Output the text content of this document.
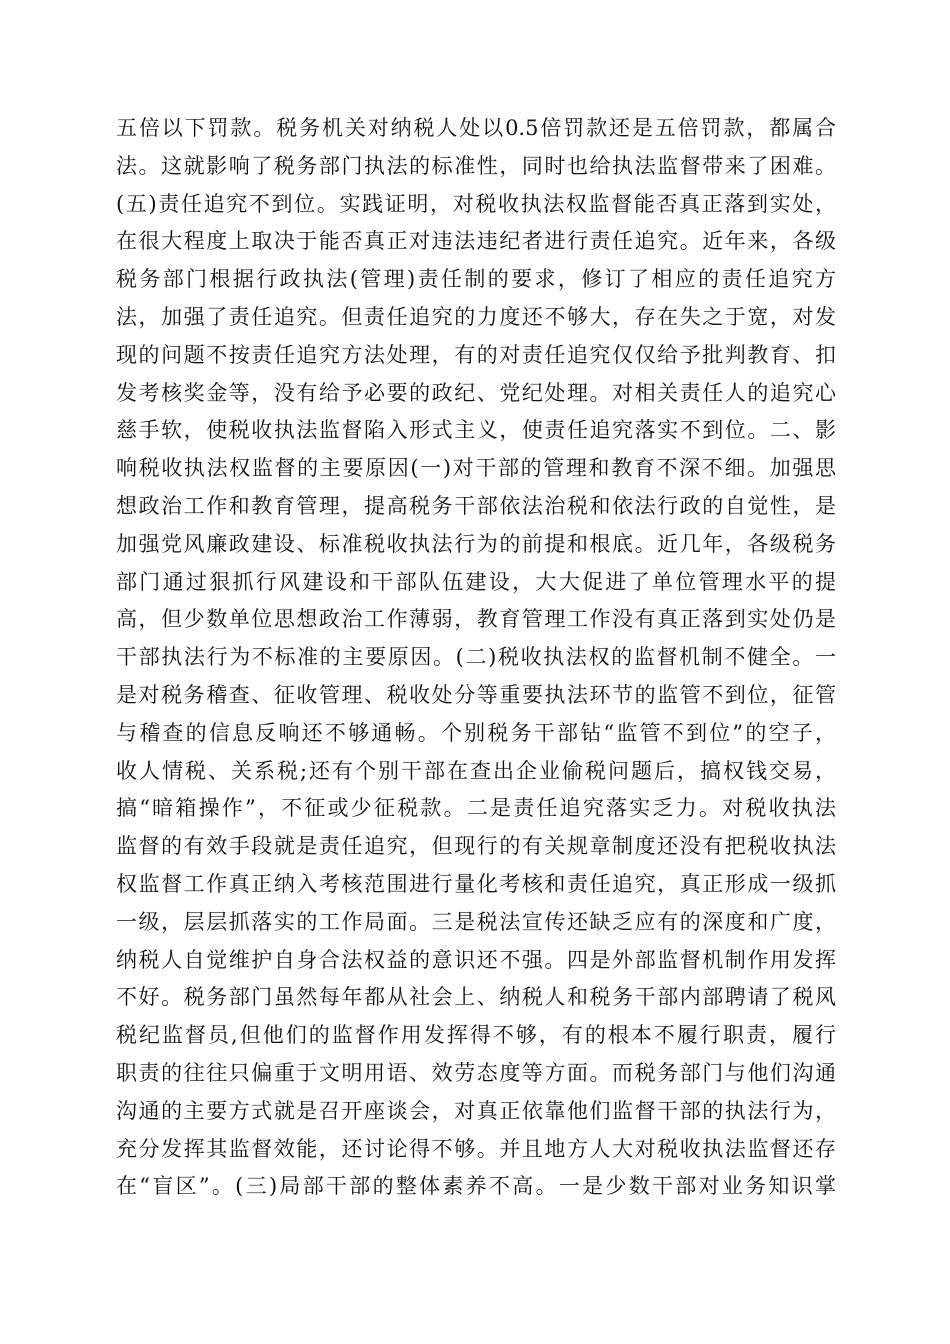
五倍以下罚款。税务机关对纳税人处以0.5倍罚款还是五倍罚款，都属合
法。这就影响了税务部门执法的标准性，同时也给执法监督带来了困难。
(五)责任追究不到位。实践证明，对税收执法权监督能否真正落到实处，
在很大程度上取决于能否真正对违法违纪者进行责任追究。近年来，各级
税务部门根据行政执法(管理)责任制的要求，修订了相应的责任追究方
法，加强了责任追究。但责任追究的力度还不够大，存在失之于宽，对发
现的问题不按责任追究方法处理，有的对责任追究仅仅给予批判教育、扣
发考核奖金等，没有给予必要的政纪、党纪处理。对相关责任人的追究心
慈手软，使税收执法监督陷入形式主义，使责任追究落实不到位。二、影
响税收执法权监督的主要原因(一)对干部的管理和教育不深不细。加强思
想政治工作和教育管理，提高税务干部依法治税和依法行政的自觉性，是
加强党风廉政建设、标准税收执法行为的前提和根底。近几年，各级税务
部门通过狠抓行风建设和干部队伍建设，大大促进了单位管理水平的提
高，但少数单位思想政治工作薄弱，教育管理工作没有真正落到实处仍是
干部执法行为不标准的主要原因。(二)税收执法权的监督机制不健全。一
是对税务稽查、征收管理、税收处分等重要执法环节的监管不到位，征管
与稽查的信息反响还不够通畅。个别税务干部钻“监管不到位”的空子，
收人情税、关系税;还有个别干部在查出企业偷税问题后，搞权钱交易，
搞“暗箱操作”，不征或少征税款。二是责任追究落实乏力。对税收执法
监督的有效手段就是责任追究，但现行的有关规章制度还没有把税收执法
权监督工作真正纳入考核范围进行量化考核和责任追究，真正形成一级抓
一级，层层抓落实的工作局面。三是税法宣传还缺乏应有的深度和广度，
纳税人自觉维护自身合法权益的意识还不强。四是外部监督机制作用发挥
不好。税务部门虽然每年都从社会上、纳税人和税务干部内部聘请了税风
税纪监督员,但他们的监督作用发挥得不够，有的根本不履行职责，履行
职责的往往只偏重于文明用语、效劳态度等方面。而税务部门与他们沟通
沟通的主要方式就是召开座谈会，对真正依靠他们监督干部的执法行为，
充分发挥其监督效能，还讨论得不够。并且地方人大对税收执法监督还存
在“盲区”。(三)局部干部的整体素养不高。一是少数干部对业务知识掌
